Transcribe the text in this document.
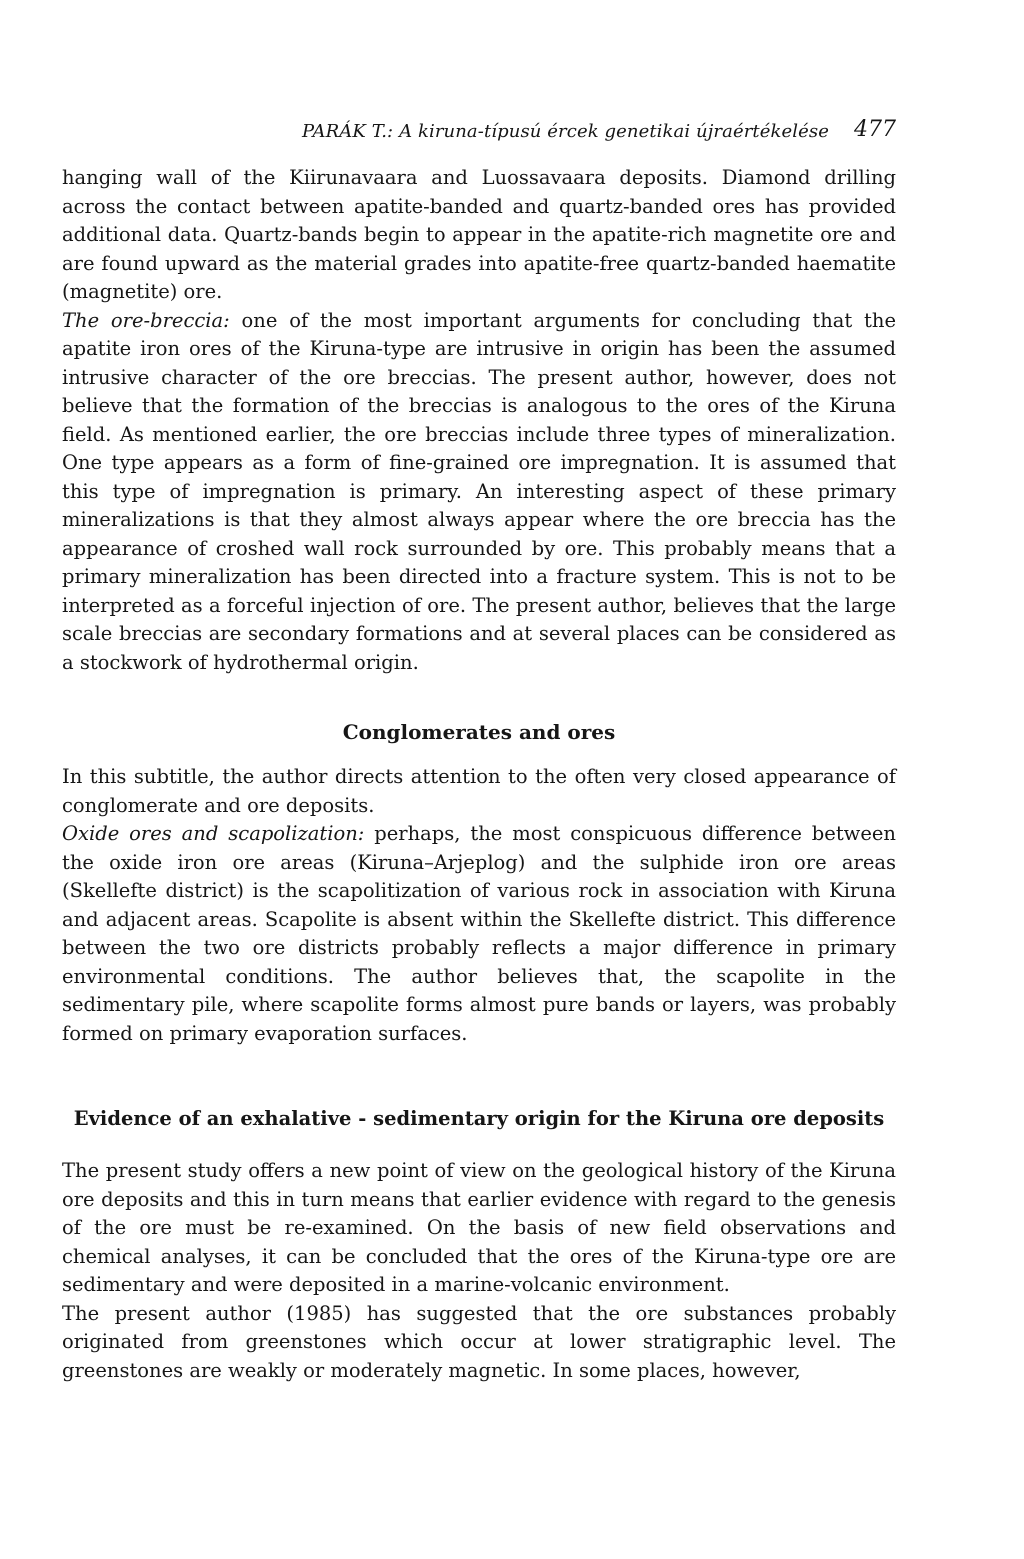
PARÁK T.: A kiruna-típusú ércek genetikai újraértékelése 477

hanging wall of the Kiirunavaara and Luossavaara deposits. Diamond drilling across the contact between apatite-banded and quartz-banded ores has provided additional data. Quartz-bands begin to appear in the apatite-rich magnetite ore and are found upward as the material grades into apatite-free quartz-banded haematite (magnetite) ore.

The ore-breccia: one of the most important arguments for concluding that the apatite iron ores of the Kiruna-type are intrusive in origin has been the assumed intrusive character of the ore breccias. The present author, however, does not believe that the formation of the breccias is analogous to the ores of the Kiruna field. As mentioned earlier, the ore breccias include three types of mineralization. One type appears as a form of fine-grained ore impregnation. It is assumed that this type of impregnation is primary. An interesting aspect of these primary mineralizations is that they almost always appear where the ore breccia has the appearance of croshed wall rock surrounded by ore. This probably means that a primary mineralization has been directed into a fracture system. This is not to be interpreted as a forceful injection of ore. The present author, believes that the large scale breccias are secondary formations and at several places can be considered as a stockwork of hydrothermal origin.

Conglomerates and ores

In this subtitle, the author directs attention to the often very closed appearance of conglomerate and ore deposits.

Oxide ores and scapolization: perhaps, the most conspicuous difference between the oxide iron ore areas (Kiruna–Arjeplog) and the sulphide iron ore areas (Skellefte district) is the scapolitization of various rock in association with Kiruna and adjacent areas. Scapolite is absent within the Skellefte district. This difference between the two ore districts probably reflects a major difference in primary environmental conditions. The author believes that, the scapolite in the sedimentary pile, where scapolite forms almost pure bands or layers, was probably formed on primary evaporation surfaces.

Evidence of an exhalative - sedimentary origin for the Kiruna ore deposits

The present study offers a new point of view on the geological history of the Kiruna ore deposits and this in turn means that earlier evidence with regard to the genesis of the ore must be re-examined. On the basis of new field observations and chemical analyses, it can be concluded that the ores of the Kiruna-type ore are sedimentary and were deposited in a marine-volcanic environment.

The present author (1985) has suggested that the ore substances probably originated from greenstones which occur at lower stratigraphic level. The greenstones are weakly or moderately magnetic. In some places, however,
